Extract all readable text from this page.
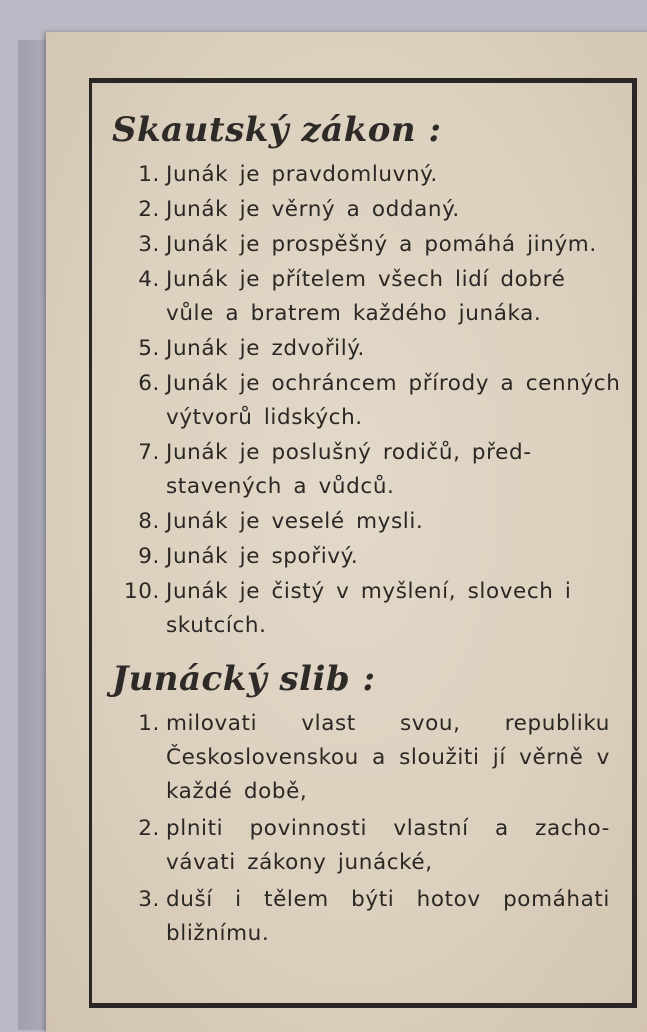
Skautský zákon :
1. Junák je pravdomluvný.
2. Junák je věrný a oddaný.
3. Junák je prospěšný a pomáhá jiným.
4. Junák je přítelem všech lidí dobré vůle a bratrem každého junáka.
5. Junák je zdvořilý.
6. Junák je ochráncem přírody a cenných výtvorů lidských.
7. Junák je poslušný rodičů, před-stavených a vůdců.
8. Junák je veselé mysli.
9. Junák je spořivý.
10. Junák je čistý v myšlení, slovech i skutcích.
Junácký slib :
1. milovati vlast svou, republiku Československou a sloužiti jí věrně v každé době,
2. plniti povinnosti vlastní a zacho-vávati zákony junácké,
3. duší i tělem býti hotov pomáhati bližnímu.
